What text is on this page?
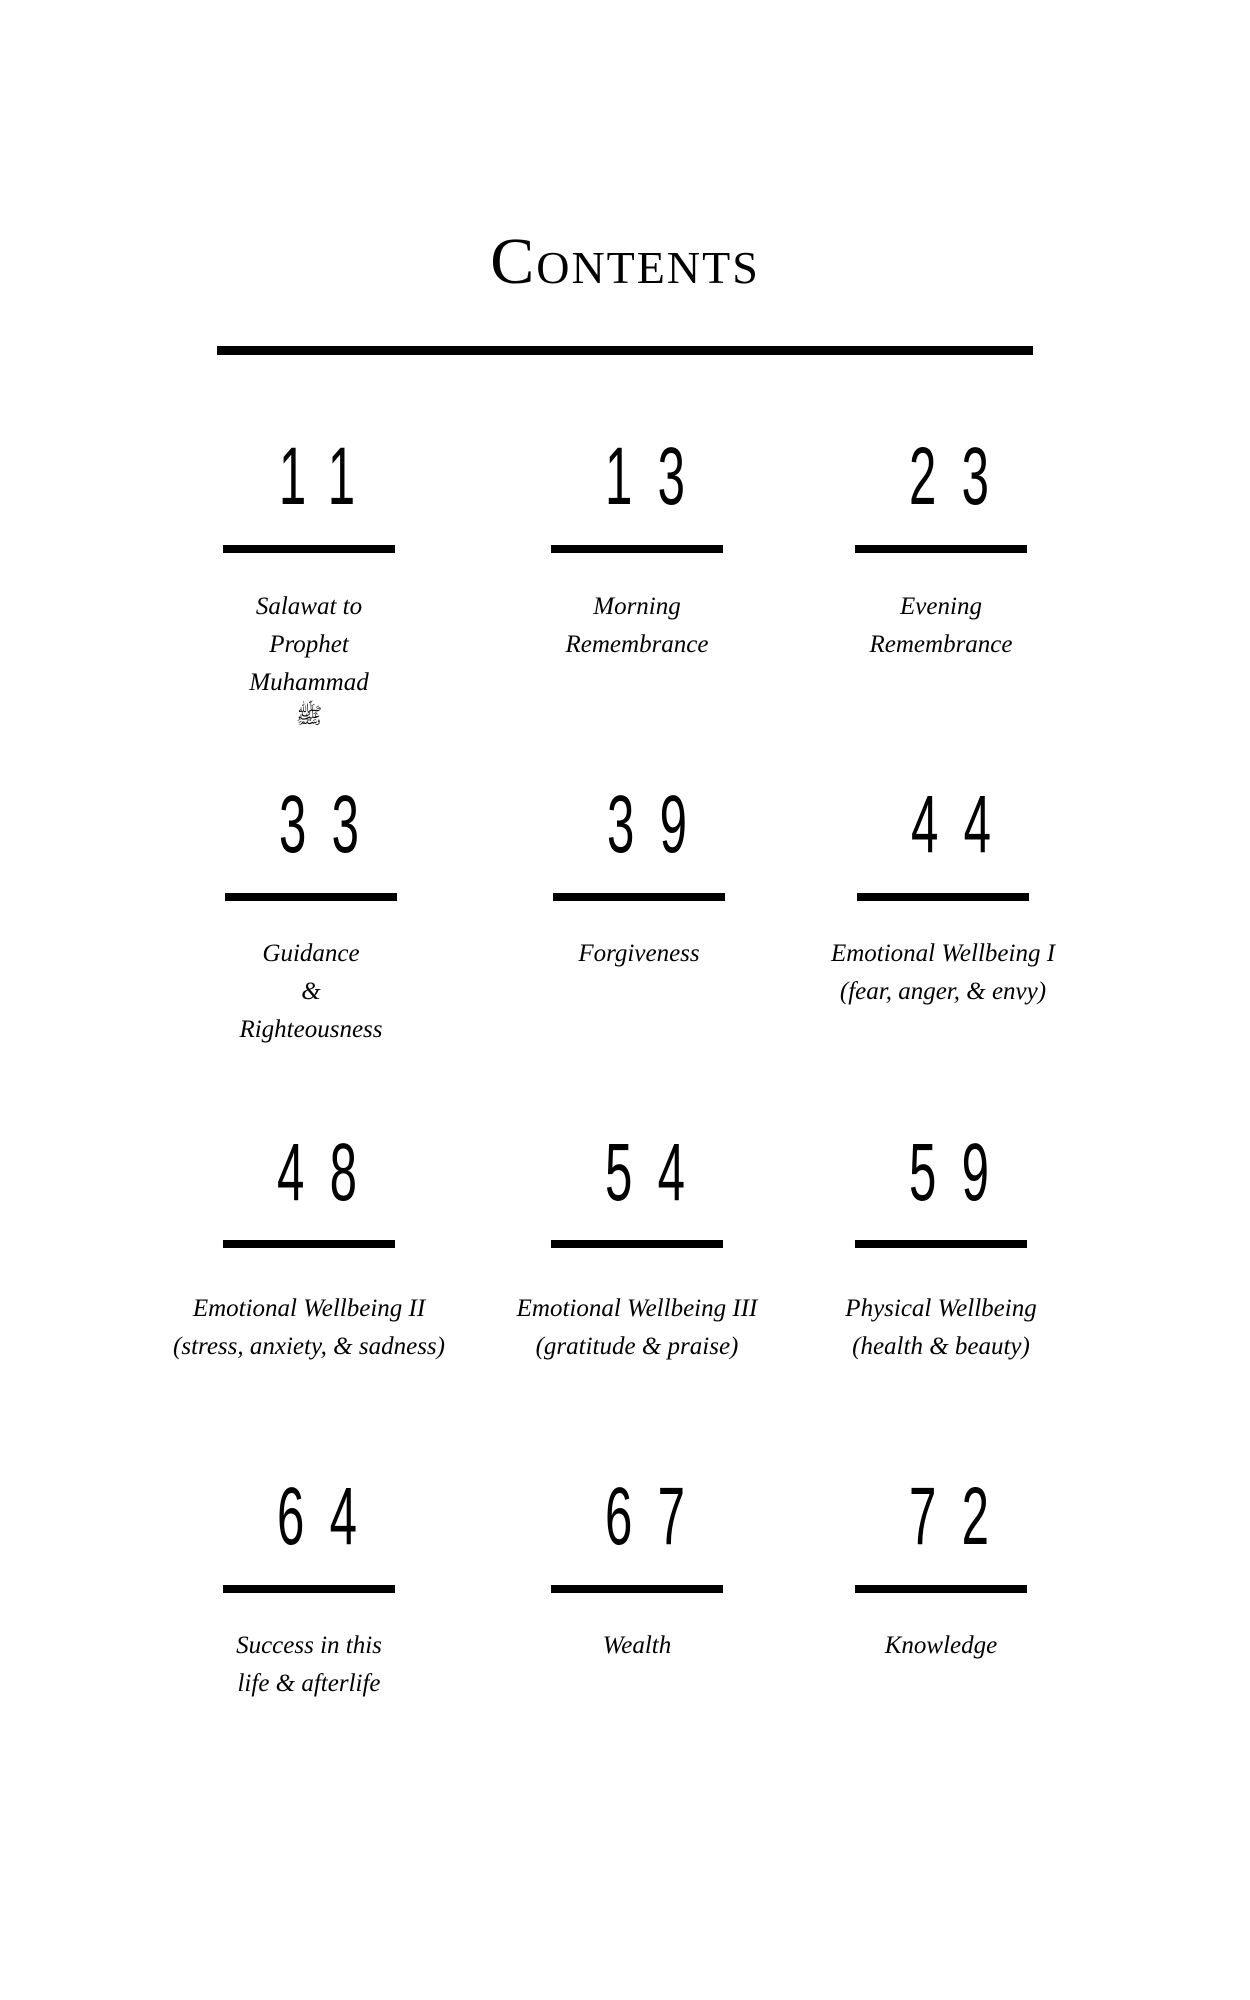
Contents
11
Salawat to
Prophet
Muhammad
ﷺ
13
Morning
Remembrance
23
Evening
Remembrance
33
Guidance
&
Righteousness
39
Forgiveness
44
Emotional Wellbeing I
(fear, anger, & envy)
48
Emotional Wellbeing II
(stress, anxiety, & sadness)
54
Emotional Wellbeing III
(gratitude & praise)
59
Physical Wellbeing
(health & beauty)
64
Success in this
life & afterlife
67
Wealth
72
Knowledge
